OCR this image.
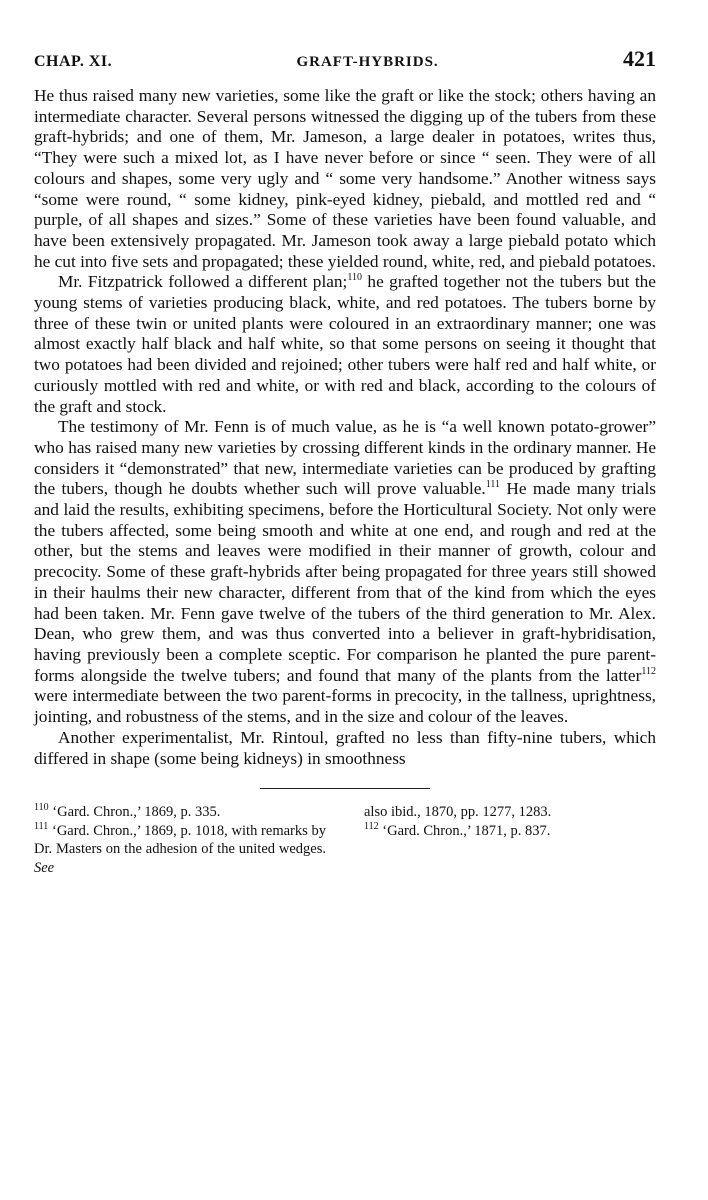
CHAP. XI.	GRAFT-HYBRIDS.	421

He thus raised many new varieties, some like the graft or like the stock; others having an intermediate character. Several persons witnessed the digging up of the tubers from these graft-hybrids; and one of them, Mr. Jameson, a large dealer in potatoes, writes thus, “They were such a mixed lot, as I have never before or since “ seen. They were of all colours and shapes, some very ugly and “ some very handsome.” Another witness says “some were round, “ some kidney, pink-eyed kidney, piebald, and mottled red and “ purple, of all shapes and sizes.” Some of these varieties have been found valuable, and have been extensively propagated. Mr. Jameson took away a large piebald potato which he cut into five sets and propagated; these yielded round, white, red, and piebald potatoes.

Mr. Fitzpatrick followed a different plan;$^{110}$ he grafted together not the tubers but the young stems of varieties producing black, white, and red potatoes. The tubers borne by three of these twin or united plants were coloured in an extraordinary manner; one was almost exactly half black and half white, so that some persons on seeing it thought that two potatoes had been divided and rejoined; other tubers were half red and half white, or curiously mottled with red and white, or with red and black, according to the colours of the graft and stock.

The testimony of Mr. Fenn is of much value, as he is “a well known potato-grower” who has raised many new varieties by crossing different kinds in the ordinary manner. He considers it “demonstrated” that new, intermediate varieties can be produced by grafting the tubers, though he doubts whether such will prove valuable.$^{111}$ He made many trials and laid the results, exhibiting specimens, before the Horticultural Society. Not only were the tubers affected, some being smooth and white at one end, and rough and red at the other, but the stems and leaves were modified in their manner of growth, colour and precocity. Some of these graft-hybrids after being propagated for three years still showed in their haulms their new character, different from that of the kind from which the eyes had been taken. Mr. Fenn gave twelve of the tubers of the third generation to Mr. Alex. Dean, who grew them, and was thus converted into a believer in graft-hybridisation, having previously been a complete sceptic. For comparison he planted the pure parent-forms alongside the twelve tubers; and found that many of the plants from the latter$^{112}$ were intermediate between the two parent-forms in precocity, in the tallness, uprightness, jointing, and robustness of the stems, and in the size and colour of the leaves.

Another experimentalist, Mr. Rintoul, grafted no less than fifty-nine tubers, which differed in shape (some being kidneys) in smoothness

$^{110}$ ‘Gard. Chron.,’ 1869, p. 335.

$^{111}$ ‘Gard. Chron.,’ 1869, p. 1018, with remarks by Dr. Masters on the adhesion of the united wedges. See

also ibid., 1870, pp. 1277, 1283.

$^{112}$ ‘Gard. Chron.,’ 1871, p. 837.
